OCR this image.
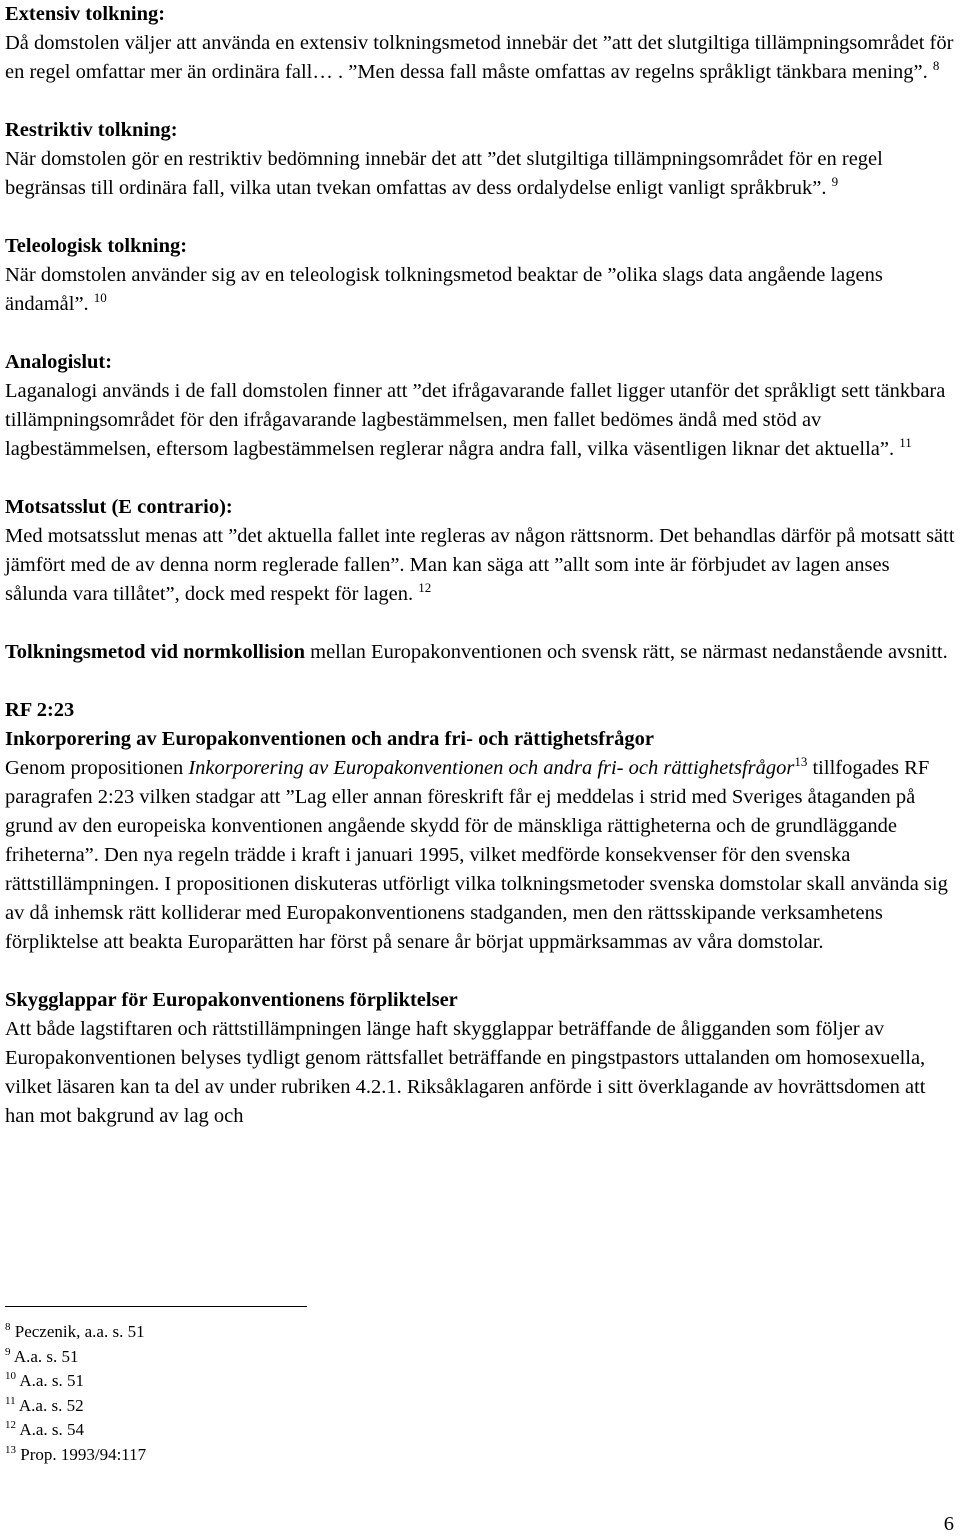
Extensiv tolkning:

Då domstolen väljer att använda en extensiv tolkningsmetod innebär det ”att det slutgiltiga tillämpningsområdet för en regel omfattar mer än ordinära fall… . ”Men dessa fall måste omfattas av regelns språkligt tänkbara mening”. $^8$

Restriktiv tolkning:

När domstolen gör en restriktiv bedömning innebär det att ”det slutgiltiga tillämpningsområdet för en regel begränsas till ordinära fall, vilka utan tvekan omfattas av dess ordalydelse enligt vanligt språkbruk”. $^9$

Teleologisk tolkning:

När domstolen använder sig av en teleologisk tolkningsmetod beaktar de ”olika slags data angående lagens ändamål”. $^{10}$

Analogislut:

Laganalogi används i de fall domstolen finner att ”det ifrågavarande fallet ligger utanför det språkligt sett tänkbara tillämpningsområdet för den ifrågavarande lagbestämmelsen, men fallet bedömes ändå med stöd av lagbestämmelsen, eftersom lagbestämmelsen reglerar några andra fall, vilka väsentligen liknar det aktuella”. $^{11}$

Motsatsslut (E contrario):

Med motsatsslut menas att ”det aktuella fallet inte regleras av någon rättsnorm. Det behandlas därför på motsatt sätt jämfört med de av denna norm reglerade fallen”. Man kan säga att ”allt som inte är förbjudet av lagen anses sålunda vara tillåtet”, dock med respekt för lagen. $^{12}$

Tolkningsmetod vid normkollision mellan Europakonventionen och svensk rätt, se närmast nedanstående avsnitt.

RF 2:23

Inkorporering av Europakonventionen och andra fri- och rättighetsfrågor

Genom propositionen Inkorporering av Europakonventionen och andra fri- och rättighetsfrågor$^{13}$ tillfogades RF paragrafen 2:23 vilken stadgar att ”Lag eller annan föreskrift får ej meddelas i strid med Sveriges åtaganden på grund av den europeiska konventionen angående skydd för de mänskliga rättigheterna och de grundläggande friheterna”. Den nya regeln trädde i kraft i januari 1995, vilket medförde konsekvenser för den svenska rättstillämpningen. I propositionen diskuteras utförligt vilka tolkningsmetoder svenska domstolar skall använda sig av då inhemsk rätt kolliderar med Europakonventionens stadganden, men den rättsskipande verksamhetens förpliktelse att beakta Europarätten har först på senare år börjat uppmärksammas av våra domstolar.

Skygglappar för Europakonventionens förpliktelser

Att både lagstiftaren och rättstillämpningen länge haft skygglappar beträffande de åligganden som följer av Europakonventionen belyses tydligt genom rättsfallet beträffande en pingstpastors uttalanden om homosexuella, vilket läsaren kan ta del av under rubriken 4.2.1. Riksåklagaren anförde i sitt överklagande av hovrättsdomen att han mot bakgrund av lag och

$^8$ Peczenik, a.a. s. 51
$^9$ A.a. s. 51
$^{10}$ A.a. s. 51
$^{11}$ A.a. s. 52
$^{12}$ A.a. s. 54
$^{13}$ Prop. 1993/94:117
6
